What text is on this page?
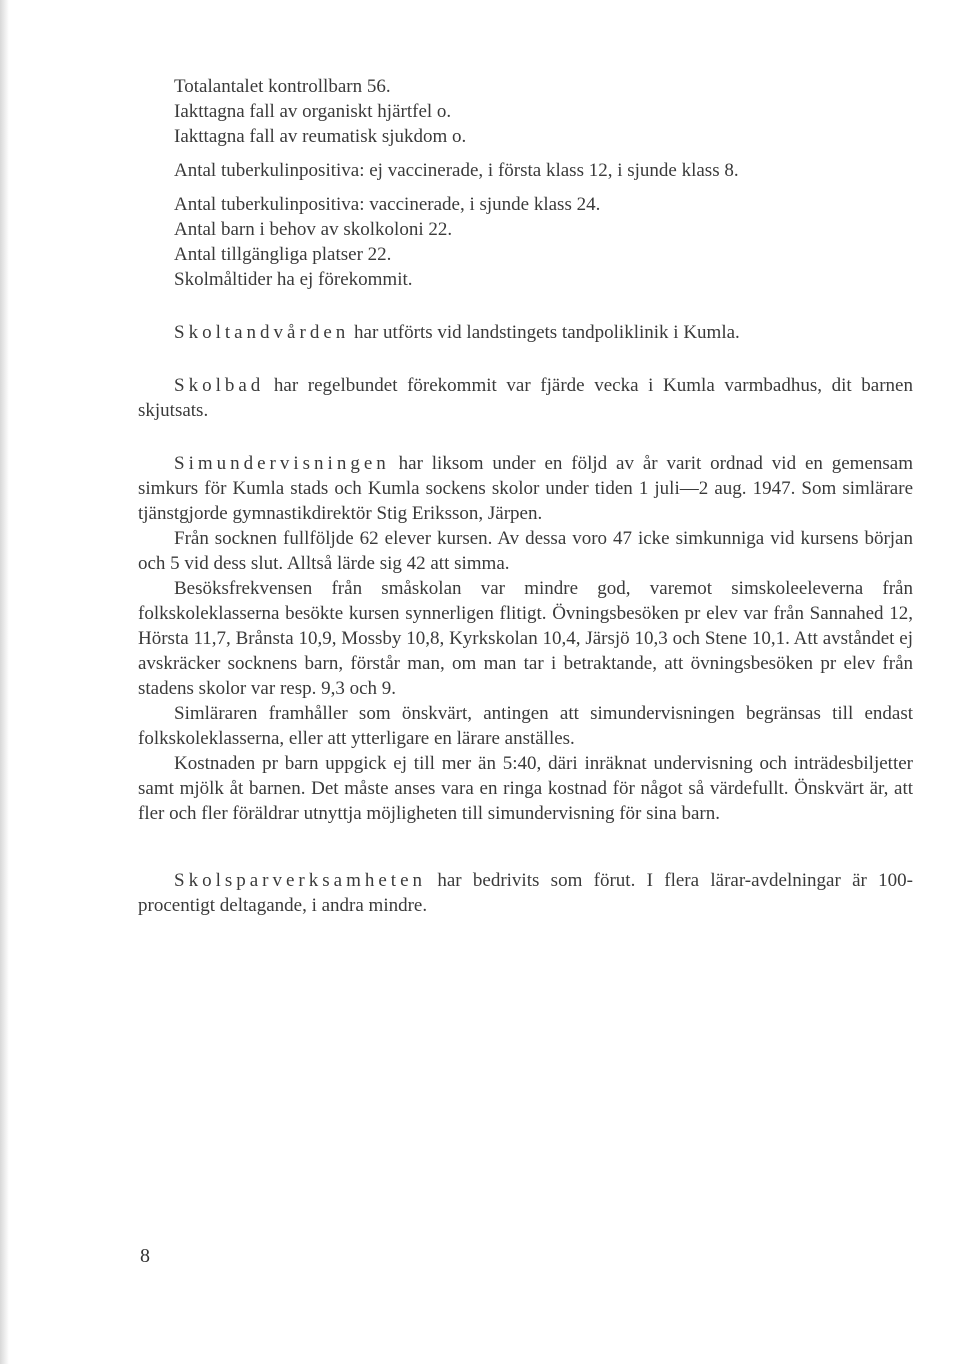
Totalantalet kontrollbarn 56.

Iakttagna fall av organiskt hjärtfel o.

Iakttagna fall av reumatisk sjukdom o.

Antal tuberkulinpositiva: ej vaccinerade, i första klass 12, i sjunde klass 8.

Antal tuberkulinpositiva: vaccinerade, i sjunde klass 24.

Antal barn i behov av skolkoloni 22.

Antal tillgängliga platser 22.

Skolmåltider ha ej förekommit.

Skoltandvården har utförts vid landstingets tandpoliklinik i Kumla.

Skolbad har regelbundet förekommit var fjärde vecka i Kumla varmbadhus, dit barnen skjutsats.

Simundervisningen har liksom under en följd av år varit ordnad vid en gemensam simkurs för Kumla stads och Kumla sockens skolor under tiden 1 juli—2 aug. 1947. Som simlärare tjänstgjorde gymnastikdirektör Stig Eriksson, Järpen.

Från socknen fullföljde 62 elever kursen. Av dessa voro 47 icke simkunniga vid kursens början och 5 vid dess slut. Alltså lärde sig 42 att simma.

Besöksfrekvensen från småskolan var mindre god, varemot simskoleeleverna från folkskoleklasserna besökte kursen synnerligen flitigt. Övningsbesöken pr elev var från Sannahed 12, Hörsta 11,7, Brånsta 10,9, Mossby 10,8, Kyrkskolan 10,4, Järsjö 10,3 och Stene 10,1. Att avståndet ej avskräcker socknens barn, förstår man, om man tar i betraktande, att övningsbesöken pr elev från stadens skolor var resp. 9,3 och 9.

Simläraren framhåller som önskvärt, antingen att simundervisningen begränsas till endast folkskoleklasserna, eller att ytterligare en lärare anställes.

Kostnaden pr barn uppgick ej till mer än 5:40, däri inräknat undervisning och inträdesbiljetter samt mjölk åt barnen. Det måste anses vara en ringa kostnad för något så värdefullt. Önskvärt är, att fler och fler föräldrar utnyttja möjligheten till simundervisning för sina barn.

Skolsparverksamheten har bedrivits som förut. I flera lärar-avdelningar är 100-procentigt deltagande, i andra mindre.

8
